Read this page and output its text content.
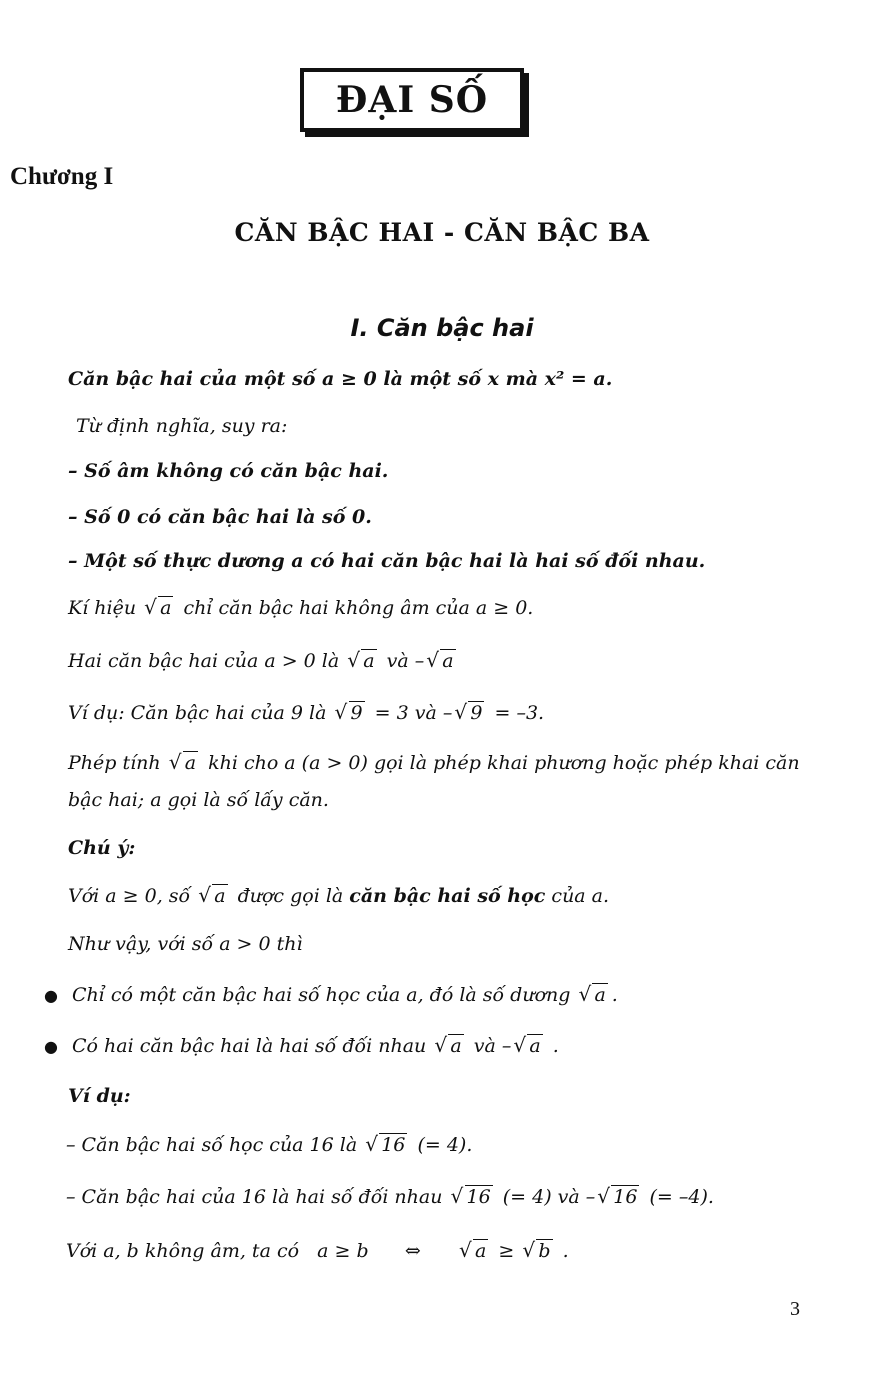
ĐẠI SỐ
Chương I
CĂN BẬC HAI - CĂN BẬC BA
I. Căn bậc hai
Căn bậc hai của một số a ≥ 0 là một số x mà x² = a.
Từ định nghĩa, suy ra:
– Số âm không có căn bậc hai.
– Số 0 có căn bậc hai là số 0.
– Một số thực dương a có hai căn bậc hai là hai số đối nhau.
Kí hiệu √ a chỉ căn bậc hai không âm của a ≥ 0.
Hai căn bậc hai của a > 0 là √ a và – √ a
Ví dụ: Căn bậc hai của 9 là √ 9 = 3 và – √ 9 = –3.
Phép tính √ a khi cho a (a > 0) gọi là phép khai phương hoặc phép khai căn
bậc hai; a gọi là số lấy căn.
Chú ý:
Với a ≥ 0, số √ a được gọi là căn bậc hai số học của a.
Như vậy, với số a > 0 thì
● Chỉ có một căn bậc hai số học của a, đó là số dương √ a .
● Có hai căn bậc hai là hai số đối nhau √ a và – √ a .
Ví dụ:
– Căn bậc hai số học của 16 là √ 16 (= 4).
– Căn bậc hai của 16 là hai số đối nhau √ 16 (= 4) và – √ 16 (= –4).
Với a, b không âm, ta có   a ≥ b      ⇔      √ a ≥ √ b .
3
